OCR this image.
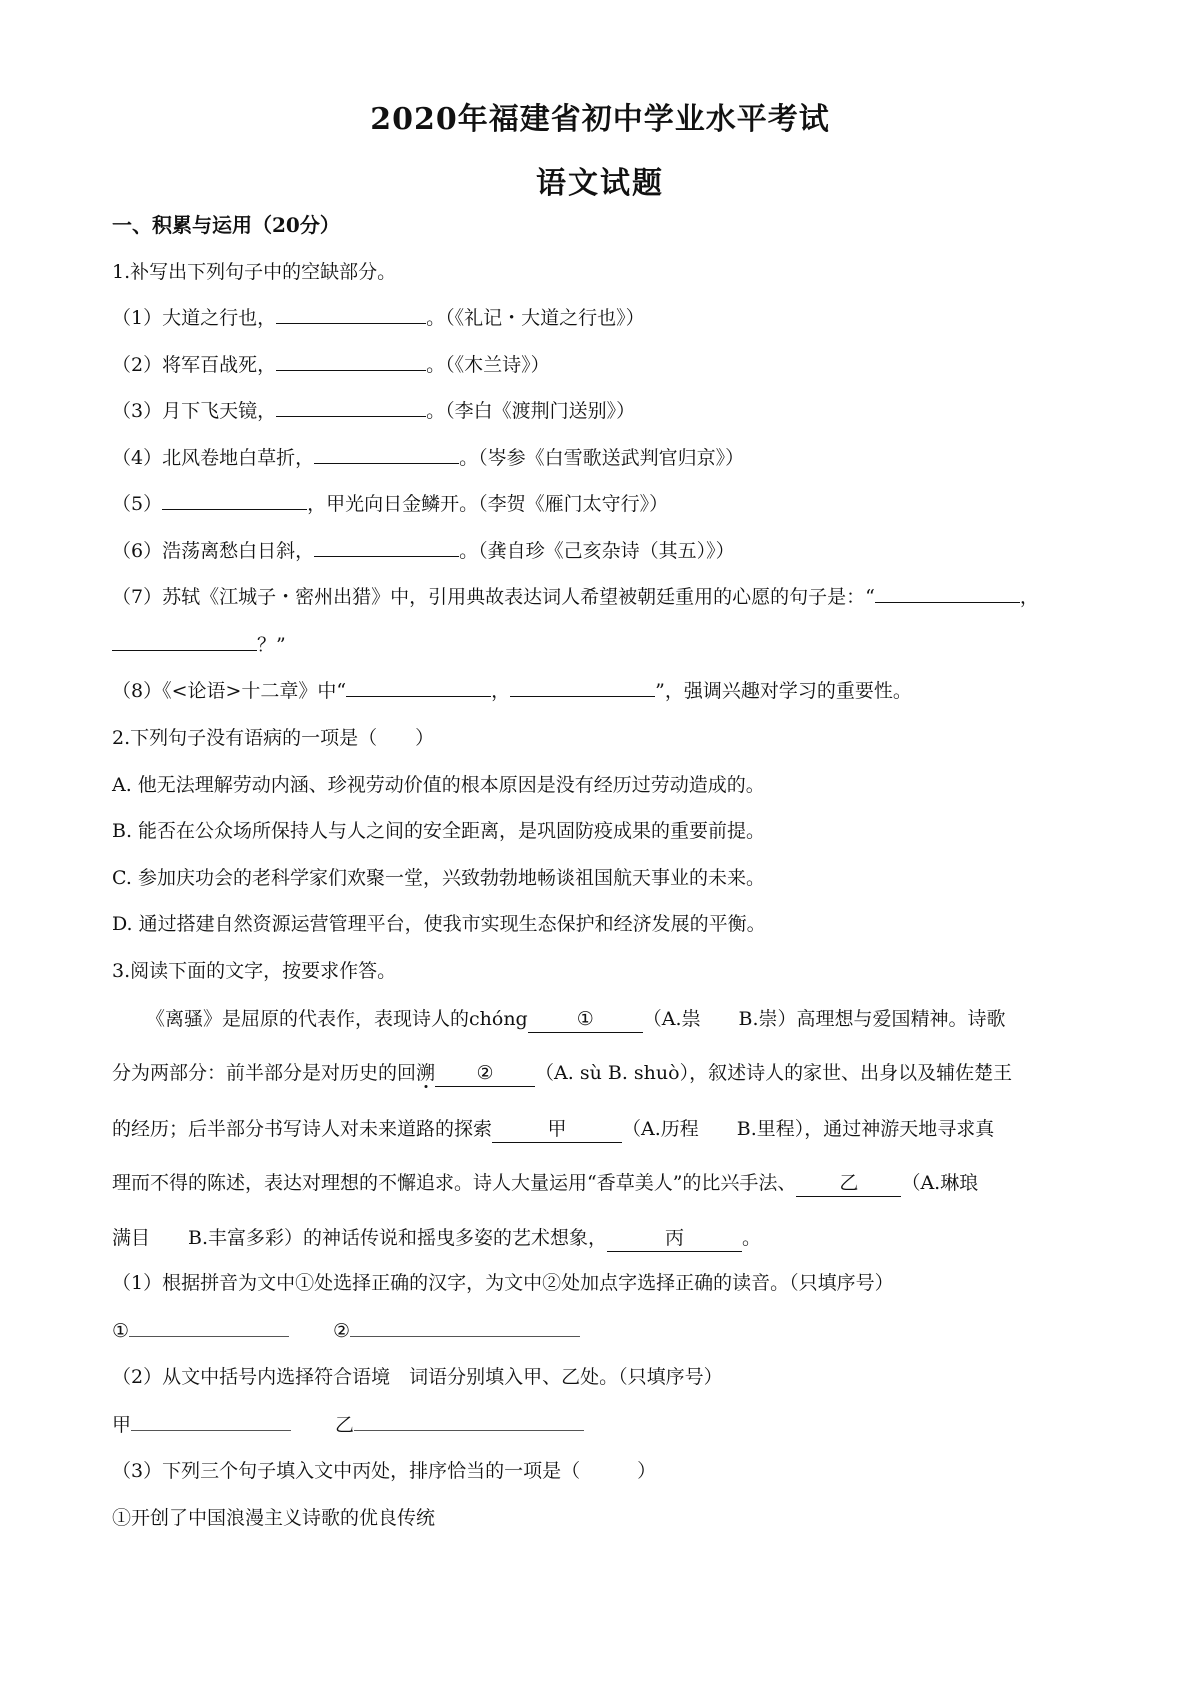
2020年福建省初中学业水平考试
语文试题
一、积累与运用（20分）
1.补写出下列句子中的空缺部分。
（1）大道之行也，	。（《礼记・大道之行也》）
（2）将军百战死，	。（《木兰诗》）
（3）月下飞天镜，	。（李白《渡荆门送别》）
（4）北风卷地白草折，	。（岑参《白雪歌送武判官归京》）
（5）	，甲光向日金鳞开。（李贺《雁门太守行》）
（6）浩荡离愁白日斜，	。（龚自珍《己亥杂诗（其五）》）
（7）苏轼《江城子・密州出猎》中，引用典故表达词人希望被朝廷重用的心愿的句子是：“	，
？”
（8）《<论语>十二章》中“	，	”，强调兴趣对学习的重要性。
2.下列句子没有语病的一项是（　　）
A. 他无法理解劳动内涵、珍视劳动价值的根本原因是没有经历过劳动造成的。
B. 能否在公众场所保持人与人之间的安全距离，是巩固防疫成果的重要前提。
C. 参加庆功会的老科学家们欢聚一堂，兴致勃勃地畅谈祖国航天事业的未来。
D. 通过搭建自然资源运营管理平台，使我市实现生态保护和经济发展的平衡。
3.阅读下面的文字，按要求作答。
《离骚》是屈原的代表作，表现诗人的chóng	①	（A.祟　　B.崇）高理想与爱国精神。诗歌
分为两部分：前半部分是对历史的回溯 ② （A. sù B. shuò），叙述诗人的家世、出身以及辅佐楚王
的经历；后半部分书写诗人对未来道路的探索	甲	（A.历程　　B.里程），通过神游天地寻求真
理而不得的陈述，表达对理想的不懈追求。诗人大量运用“香草美人”的比兴手法、 乙 （A.琳琅
满目　　B.丰富多彩）的神话传说和摇曳多姿的艺术想象，	丙	。
（1）根据拼音为文中①处选择正确的汉字，为文中②处加点字选择正确的读音。（只填序号）
①	②
（2）从文中括号内选择符合语境　词语分别填入甲、乙处。（只填序号）
甲	乙
（3）下列三个句子填入文中丙处，排序恰当的一项是（　　　）
①开创了中国浪漫主义诗歌的优良传统
